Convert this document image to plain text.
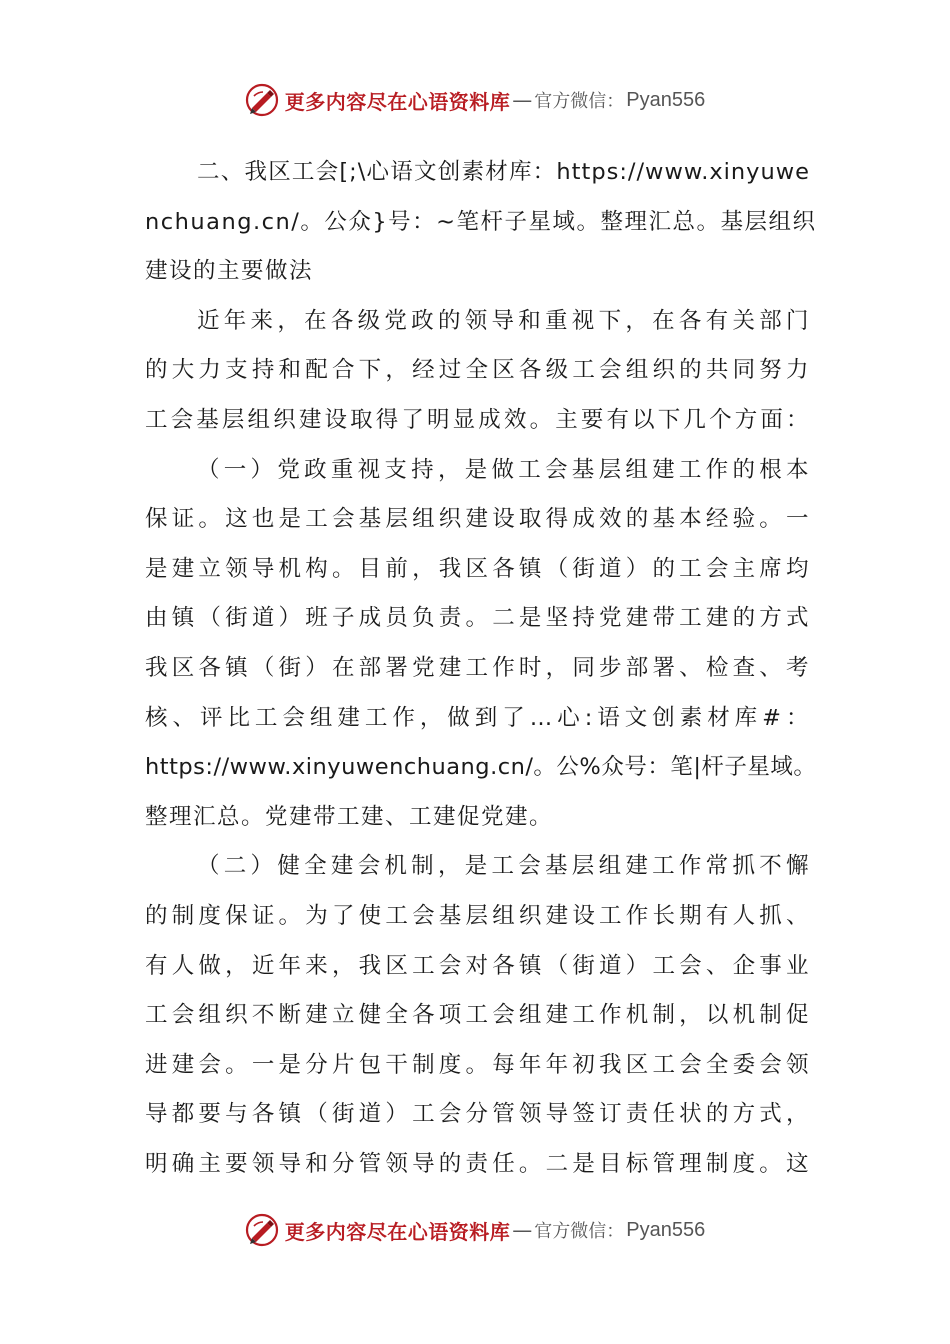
更多内容尽在心语资料库 — 官方微信： Pyan556
二、我区工会[;\心语文创素材库：https://www.xinyuwe
nchuang.cn/。公众}号：~笔杆子星域。整理汇总。基层组织
建设的主要做法
近年来，在各级党政的领导和重视下，在各有关部门
的大力支持和配合下，经过全区各级工会组织的共同努力
工会基层组织建设取得了明显成效。主要有以下几个方面：
（一）党政重视支持，是做工会基层组建工作的根本
保证。这也是工会基层组织建设取得成效的基本经验。一
是建立领导机构。目前，我区各镇（街道）的工会主席均
由镇（街道）班子成员负责。二是坚持党建带工建的方式
我区各镇（街）在部署党建工作时，同步部署、检查、考
核、评比工会组建工作，做到了…心:语文创素材库#：
https://www.xinyuwenchuang.cn/。公%众号：笔|杆子星域。
整理汇总。党建带工建、工建促党建。
（二）健全建会机制，是工会基层组建工作常抓不懈
的制度保证。为了使工会基层组织建设工作长期有人抓、
有人做，近年来，我区工会对各镇（街道）工会、企事业
工会组织不断建立健全各项工会组建工作机制，以机制促
进建会。一是分片包干制度。每年年初我区工会全委会领
导都要与各镇（街道）工会分管领导签订责任状的方式，
明确主要领导和分管领导的责任。二是目标管理制度。这
更多内容尽在心语资料库 — 官方微信： Pyan556
